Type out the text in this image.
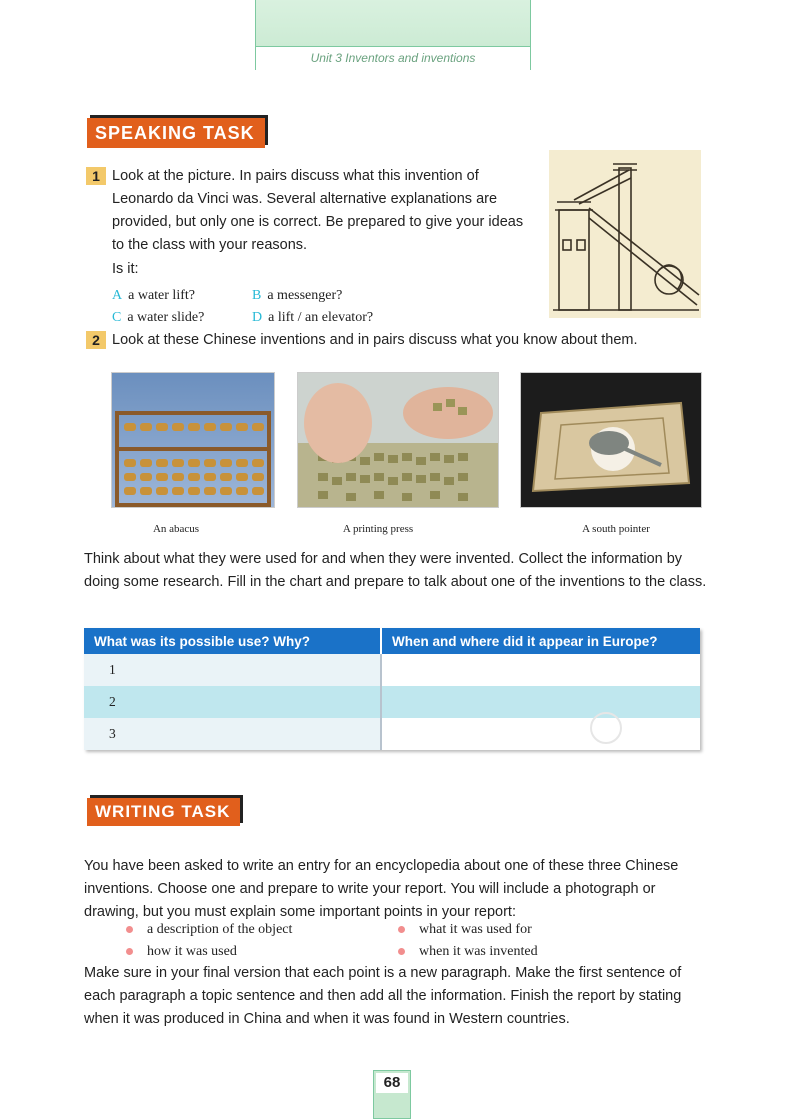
Unit 3 Inventors and inventions
SPEAKING TASK
1 Look at the picture. In pairs discuss what this invention of Leonardo da Vinci was. Several alternative explanations are provided, but only one is correct. Be prepared to give your ideas to the class with your reasons.
Is it:
A a water lift?	B a messenger?
C a water slide?	D a lift / an elevator?
2 Look at these Chinese inventions and in pairs discuss what you know about them.
An abacus	A printing press	A south pointer
Think about what they were used for and when they were invented. Collect the information by doing some research. Fill in the chart and prepare to talk about one of the inventions to the class.
What was its possible use? Why?	When and where did it appear in Europe?
1	
2	
3	
WRITING TASK
You have been asked to write an entry for an encyclopedia about one of these three Chinese inventions. Choose one and prepare to write your report. You will include a photograph or drawing, but you must explain some important points in your report:
a description of the object	what it was used for
how it was used	when it was invented
Make sure in your final version that each point is a new paragraph. Make the first sentence of each paragraph a topic sentence and then add all the information. Finish the report by stating when it was produced in China and when it was found in Western countries.
68
